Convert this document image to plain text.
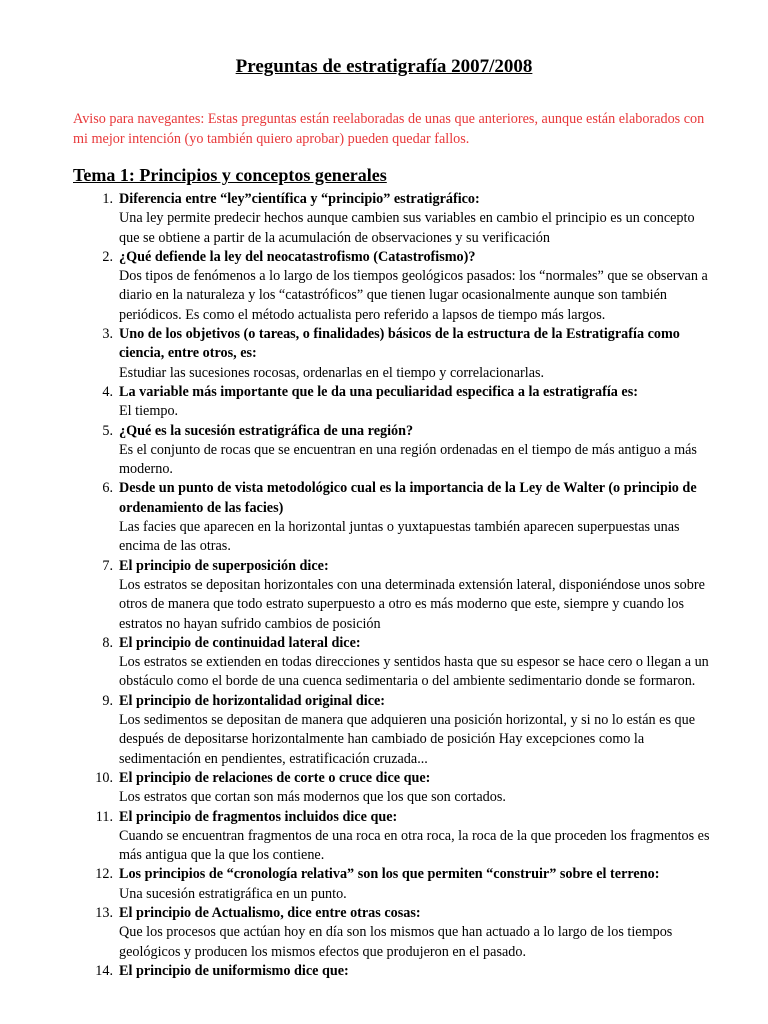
Preguntas de estratigrafía 2007/2008

Aviso para navegantes: Estas preguntas están reelaboradas de unas que anteriores, aunque están elaborados con mi mejor intención (yo también quiero aprobar) pueden quedar fallos.

Tema 1: Principios y conceptos generales
1. Diferencia entre “ley”científica y “principio” estratigráfico:
Una ley permite predecir hechos aunque cambien sus variables en cambio el principio es un concepto que se obtiene a partir de la acumulación de observaciones y su verificación
2. ¿Qué defiende la ley del neocatastrofismo (Catastrofismo)?
Dos tipos de fenómenos a lo largo de los tiempos geológicos pasados: los “normales” que se observan a diario en la naturaleza y los “catastróficos” que tienen lugar ocasionalmente aunque son también periódicos. Es como el método actualista pero referido a lapsos de tiempo más largos.
3. Uno de los objetivos (o tareas, o finalidades) básicos de la estructura de la Estratigrafía como ciencia, entre otros, es:
Estudiar las sucesiones rocosas, ordenarlas en el tiempo y correlacionarlas.
4. La variable más importante que le da una peculiaridad especifica a la estratigrafía es:
El tiempo.
5. ¿Qué es la sucesión estratigráfica de una región?
Es el conjunto de rocas que se encuentran en una región ordenadas en el tiempo de más antiguo a más moderno.
6. Desde un punto de vista metodológico cual es la importancia de la Ley de Walter (o principio de ordenamiento de las facies)
Las facies que aparecen en la horizontal juntas o yuxtapuestas también aparecen superpuestas unas encima de las otras.
7. El principio de superposición dice:
Los estratos se depositan horizontales con una determinada extensión lateral, disponiéndose unos sobre otros de manera que todo estrato superpuesto a otro es más moderno que este, siempre y cuando los estratos no hayan sufrido cambios de posición
8. El principio de continuidad lateral dice:
Los estratos se extienden en todas direcciones y sentidos hasta que su espesor se hace cero o llegan a un obstáculo como el borde de una cuenca sedimentaria o del ambiente sedimentario donde se formaron.
9. El principio de horizontalidad original dice:
Los sedimentos se depositan de manera que adquieren una posición horizontal, y si no lo están es que después de depositarse horizontalmente han cambiado de posición Hay excepciones como la sedimentación en pendientes, estratificación cruzada...
10. El principio de relaciones de corte o cruce dice que:
Los estratos que cortan son más modernos que los que son cortados.
11. El principio de fragmentos incluidos dice que:
Cuando se encuentran fragmentos de una roca en otra roca, la roca de la que proceden los fragmentos es más antigua que la que los contiene.
12. Los principios de “cronología relativa” son los que permiten “construir” sobre el terreno:
Una sucesión estratigráfica en un punto.
13. El principio de Actualismo, dice entre otras cosas:
Que los procesos que actúan hoy en día son los mismos que han actuado a lo largo de los tiempos geológicos y producen los mismos efectos que produjeron en el pasado.
14. El principio de uniformismo dice que:
